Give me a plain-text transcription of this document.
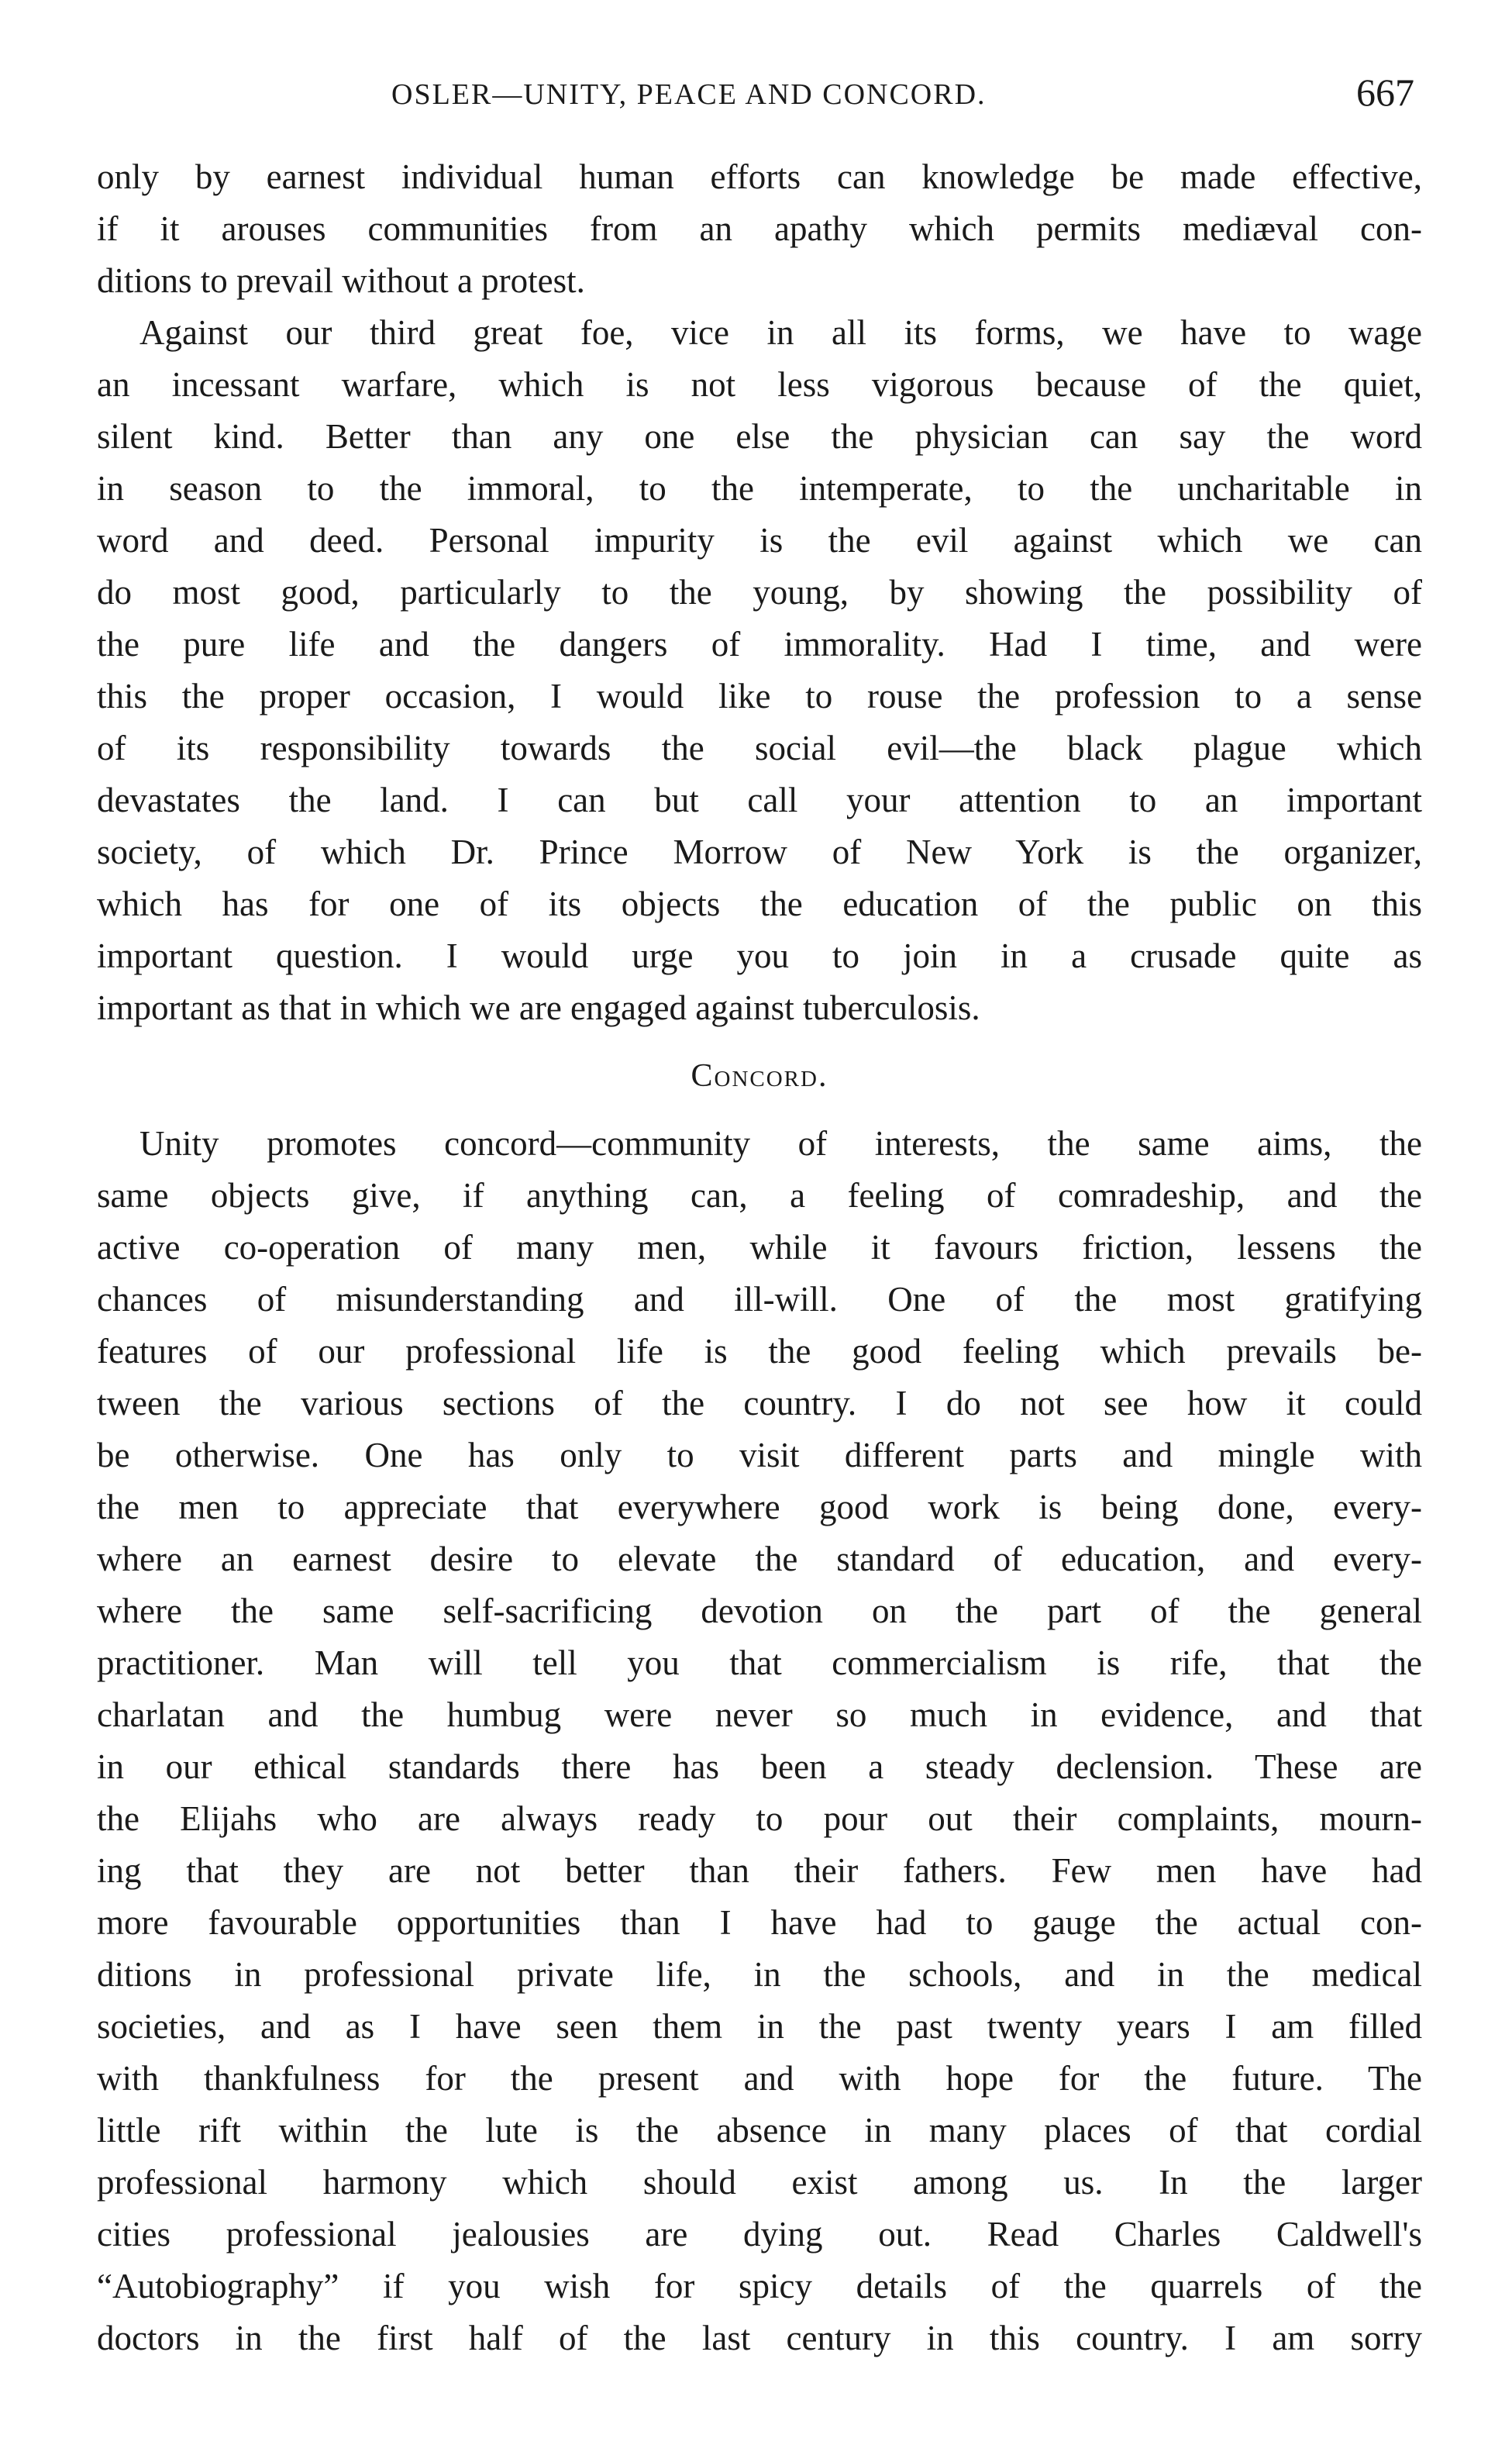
OSLER—UNITY, PEACE AND CONCORD.	667
only by earnest individual human efforts can knowledge be made effective,
if it arouses communities from an apathy which permits mediæval con-
ditions to prevail without a protest.
Against our third great foe, vice in all its forms, we have to wage
an incessant warfare, which is not less vigorous because of the quiet,
silent kind. Better than any one else the physician can say the word
in season to the immoral, to the intemperate, to the uncharitable in
word and deed. Personal impurity is the evil against which we can
do most good, particularly to the young, by showing the possibility of
the pure life and the dangers of immorality. Had I time, and were
this the proper occasion, I would like to rouse the profession to a sense
of its responsibility towards the social evil—the black plague which
devastates the land. I can but call your attention to an important
society, of which Dr. Prince Morrow of New York is the organizer,
which has for one of its objects the education of the public on this
important question. I would urge you to join in a crusade quite as
important as that in which we are engaged against tuberculosis.
Concord.
Unity promotes concord—community of interests, the same aims, the
same objects give, if anything can, a feeling of comradeship, and the
active co-operation of many men, while it favours friction, lessens the
chances of misunderstanding and ill-will. One of the most gratifying
features of our professional life is the good feeling which prevails be-
tween the various sections of the country. I do not see how it could
be otherwise. One has only to visit different parts and mingle with
the men to appreciate that everywhere good work is being done, every-
where an earnest desire to elevate the standard of education, and every-
where the same self-sacrificing devotion on the part of the general
practitioner. Man will tell you that commercialism is rife, that the
charlatan and the humbug were never so much in evidence, and that
in our ethical standards there has been a steady declension. These are
the Elijahs who are always ready to pour out their complaints, mourn-
ing that they are not better than their fathers. Few men have had
more favourable opportunities than I have had to gauge the actual con-
ditions in professional private life, in the schools, and in the medical
societies, and as I have seen them in the past twenty years I am filled
with thankfulness for the present and with hope for the future. The
little rift within the lute is the absence in many places of that cordial
professional harmony which should exist among us. In the larger
cities professional jealousies are dying out. Read Charles Caldwell's
“Autobiography” if you wish for spicy details of the quarrels of the
doctors in the first half of the last century in this country. I am sorry
